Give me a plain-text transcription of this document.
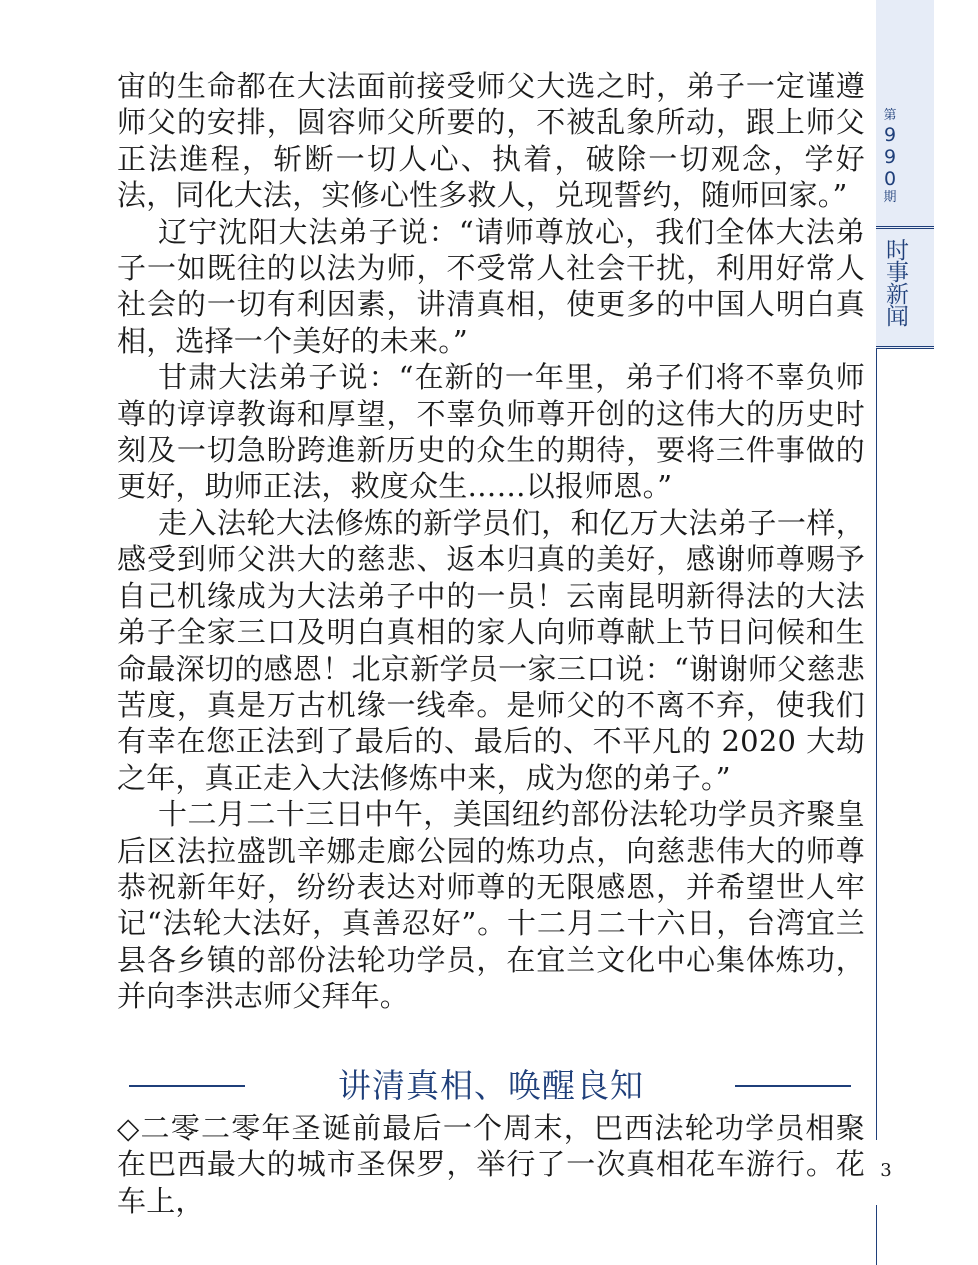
第
9
9
0
期
时事新闻

宙的生命都在大法面前接受师父大选之时，弟子一定谨遵师父的安排，圆容师父所要的，不被乱象所动，跟上师父正法進程，斩断一切人心、执着，破除一切观念，学好法，同化大法，实修心性多救人，兑现誓约，随师回家。”

辽宁沈阳大法弟子说：“请师尊放心，我们全体大法弟子一如既往的以法为师，不受常人社会干扰，利用好常人社会的一切有利因素，讲清真相，使更多的中国人明白真相，选择一个美好的未来。”

甘肃大法弟子说：“在新的一年里，弟子们将不辜负师尊的谆谆教诲和厚望，不辜负师尊开创的这伟大的历史时刻及一切急盼跨進新历史的众生的期待，要将三件事做的更好，助师正法，救度众生……以报师恩。”

走入法轮大法修炼的新学员们，和亿万大法弟子一样，感受到师父洪大的慈悲、返本归真的美好，感谢师尊赐予自己机缘成为大法弟子中的一员！云南昆明新得法的大法弟子全家三口及明白真相的家人向师尊献上节日问候和生命最深切的感恩！北京新学员一家三口说：“谢谢师父慈悲苦度，真是万古机缘一线牵。是师父的不离不弃，使我们有幸在您正法到了最后的、最后的、不平凡的 2020 大劫之年，真正走入大法修炼中来，成为您的弟子。”

十二月二十三日中午，美国纽约部份法轮功学员齐聚皇后区法拉盛凯辛娜走廊公园的炼功点，向慈悲伟大的师尊恭祝新年好，纷纷表达对师尊的无限感恩，并希望世人牢记“法轮大法好，真善忍好”。十二月二十六日，台湾宜兰县各乡镇的部份法轮功学员，在宜兰文化中心集体炼功，并向李洪志师父拜年。

讲清真相、唤醒良知

◇二零二零年圣诞前最后一个周末，巴西法轮功学员相聚在巴西最大的城市圣保罗，举行了一次真相花车游行。花车上，

3
